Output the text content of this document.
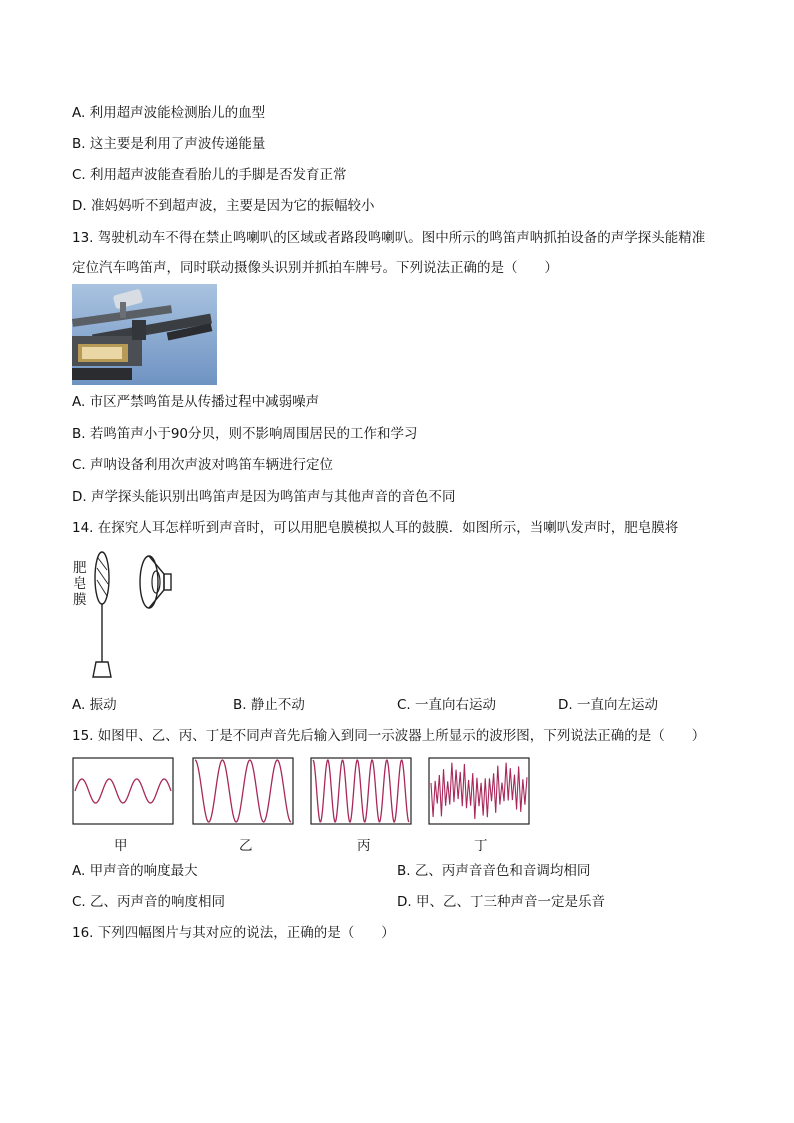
A. 利用超声波能检测胎儿的血型
B. 这主要是利用了声波传递能量
C. 利用超声波能查看胎儿的手脚是否发育正常
D. 准妈妈听不到超声波，主要是因为它的振幅较小
13. 驾驶机动车不得在禁止鸣喇叭的区域或者路段鸣喇叭。图中所示的鸣笛声呐抓拍设备的声学探头能精准
定位汽车鸣笛声，同时联动摄像头识别并抓拍车牌号。下列说法正确的是（　　）
A. 市区严禁鸣笛是从传播过程中减弱噪声
B. 若鸣笛声小于90分贝，则不影响周围居民的工作和学习
C. 声呐设备利用次声波对鸣笛车辆进行定位
D. 声学探头能识别出鸣笛声是因为鸣笛声与其他声音的音色不同
14. 在探究人耳怎样听到声音时，可以用肥皂膜模拟人耳的鼓膜．如图所示，当喇叭发声时，肥皂膜将
肥
皂
膜
A. 振动	B. 静止不动	C. 一直向右运动	D. 一直向左运动
15. 如图甲、乙、丙、丁是不同声音先后输入到同一示波器上所显示的波形图，下列说法正确的是（　　）
甲	乙	丙	丁
A. 甲声音的响度最大	B. 乙、丙声音音色和音调均相同
C. 乙、丙声音的响度相同	D. 甲、乙、丁三种声音一定是乐音
16. 下列四幅图片与其对应的说法，正确的是（　　）
